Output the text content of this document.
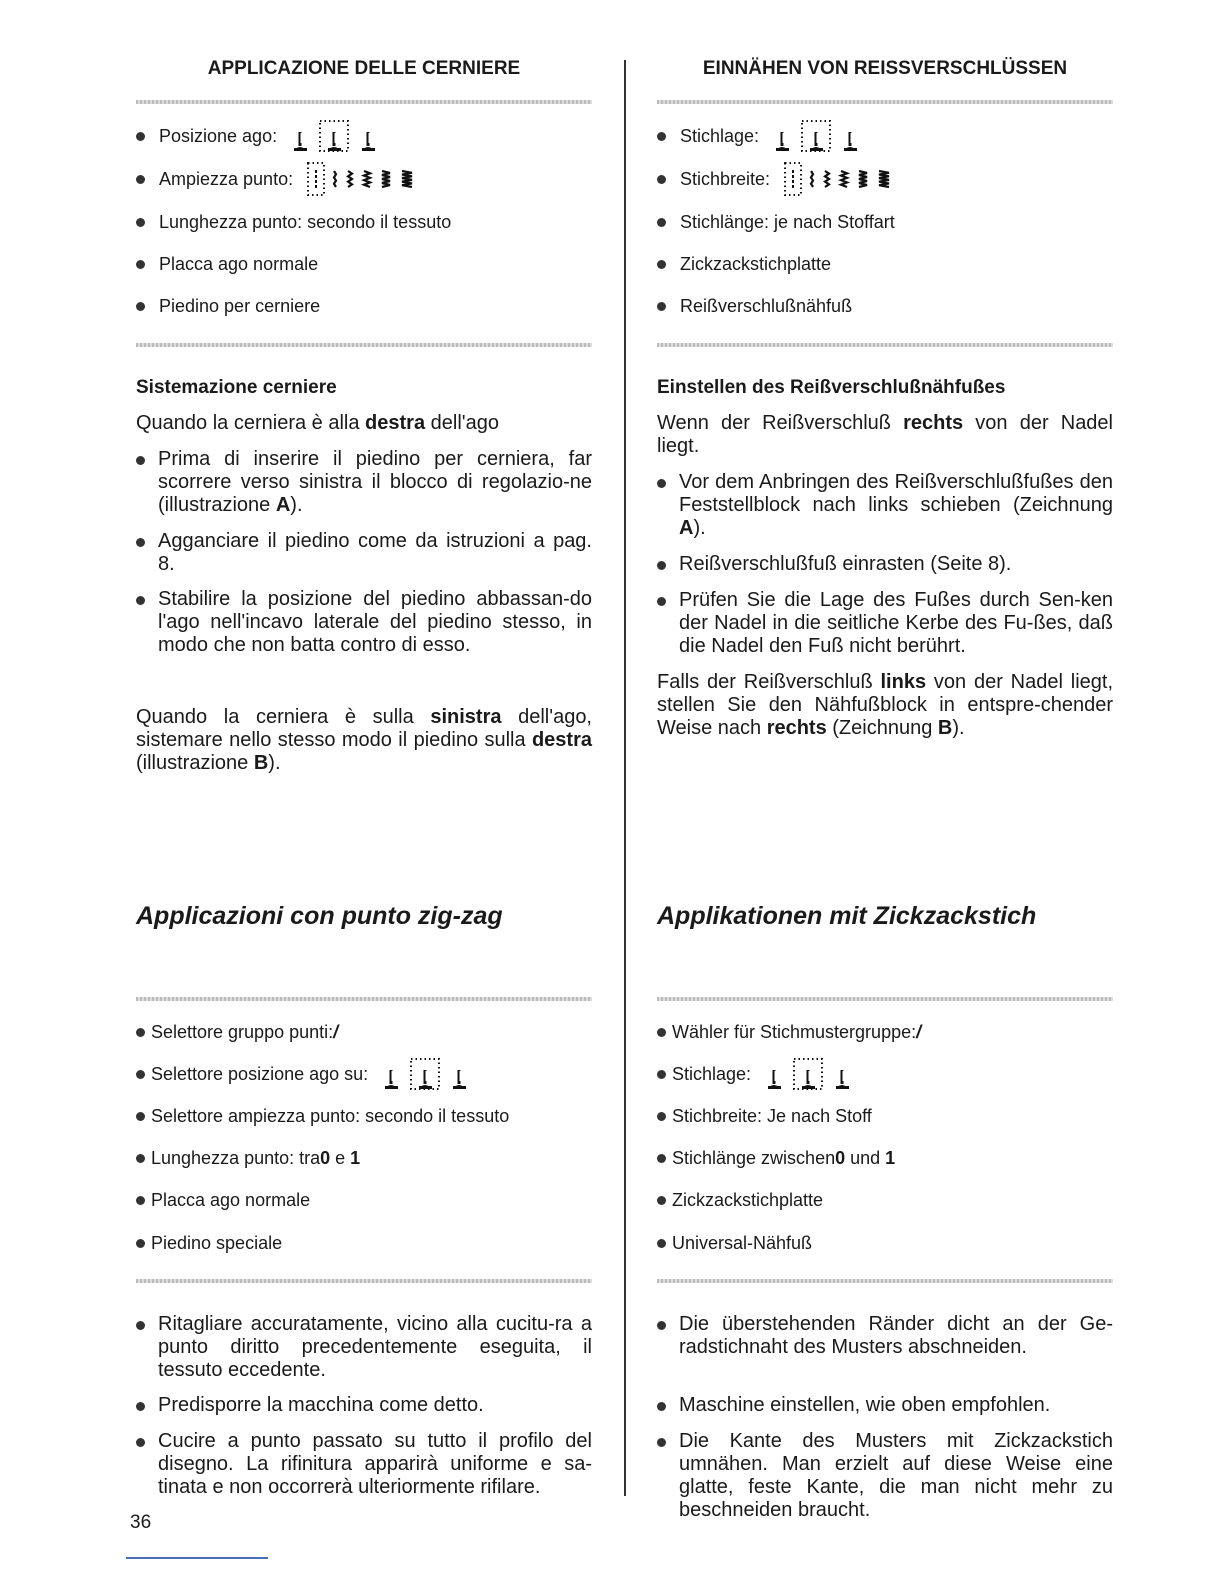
APPLICAZIONE DELLE CERNIERE
Posizione ago:
Ampiezza punto:
Lunghezza punto: secondo il tessuto
Placca ago normale
Piedino per cerniere
Sistemazione cerniere
Quando la cerniera è alla destra dell'ago
Prima di inserire il piedino per cerniera, far scorrere verso sinistra il blocco di regolazio-ne (illustrazione A).
Agganciare il piedino come da istruzioni a pag. 8.
Stabilire la posizione del piedino abbassan-do l'ago nell'incavo laterale del piedino stesso, in modo che non batta contro di esso.
Quando la cerniera è sulla sinistra dell'ago, sistemare nello stesso modo il piedino sulla destra (illustrazione B).
Applicazioni con punto zig-zag
Selettore gruppo punti: /
Selettore posizione ago su:
Selettore ampiezza punto: secondo il tessuto
Lunghezza punto: tra 0 e 1
Placca ago normale
Piedino speciale
Ritagliare accuratamente, vicino alla cucitu-ra a punto diritto precedentemente eseguita, il tessuto eccedente.
Predisporre la macchina come detto.
Cucire a punto passato su tutto il profilo del disegno. La rifinitura apparirà uniforme e sa-tinata e non occorrerà ulteriormente rifilare.
EINNÄHEN VON REISSVERSCHLÜSSEN
Stichlage:
Stichbreite:
Stichlänge: je nach Stoffart
Zickzackstichplatte
Reißverschlußnähfuß
Einstellen des Reißverschlußnähfußes
Wenn der Reißverschluß rechts von der Nadel liegt.
Vor dem Anbringen des Reißverschlußfußes den Feststellblock nach links schieben (Zeichnung A).
Reißverschlußfuß einrasten (Seite 8).
Prüfen Sie die Lage des Fußes durch Sen-ken der Nadel in die seitliche Kerbe des Fu-ßes, daß die Nadel den Fuß nicht berührt.
Falls der Reißverschluß links von der Nadel liegt, stellen Sie den Nähfußblock in entspre-chender Weise nach rechts (Zeichnung B).
Applikationen mit Zickzackstich
Wähler für Stichmustergruppe: /
Stichlage:
Stichbreite: Je nach Stoff
Stichlänge zwischen 0 und 1
Zickzackstichplatte
Universal-Nähfuß
Die überstehenden Ränder dicht an der Ge-radstichnaht des Musters abschneiden.
Maschine einstellen, wie oben empfohlen.
Die Kante des Musters mit Zickzackstich umnähen. Man erzielt auf diese Weise eine glatte, feste Kante, die man nicht mehr zu beschneiden braucht.
36
